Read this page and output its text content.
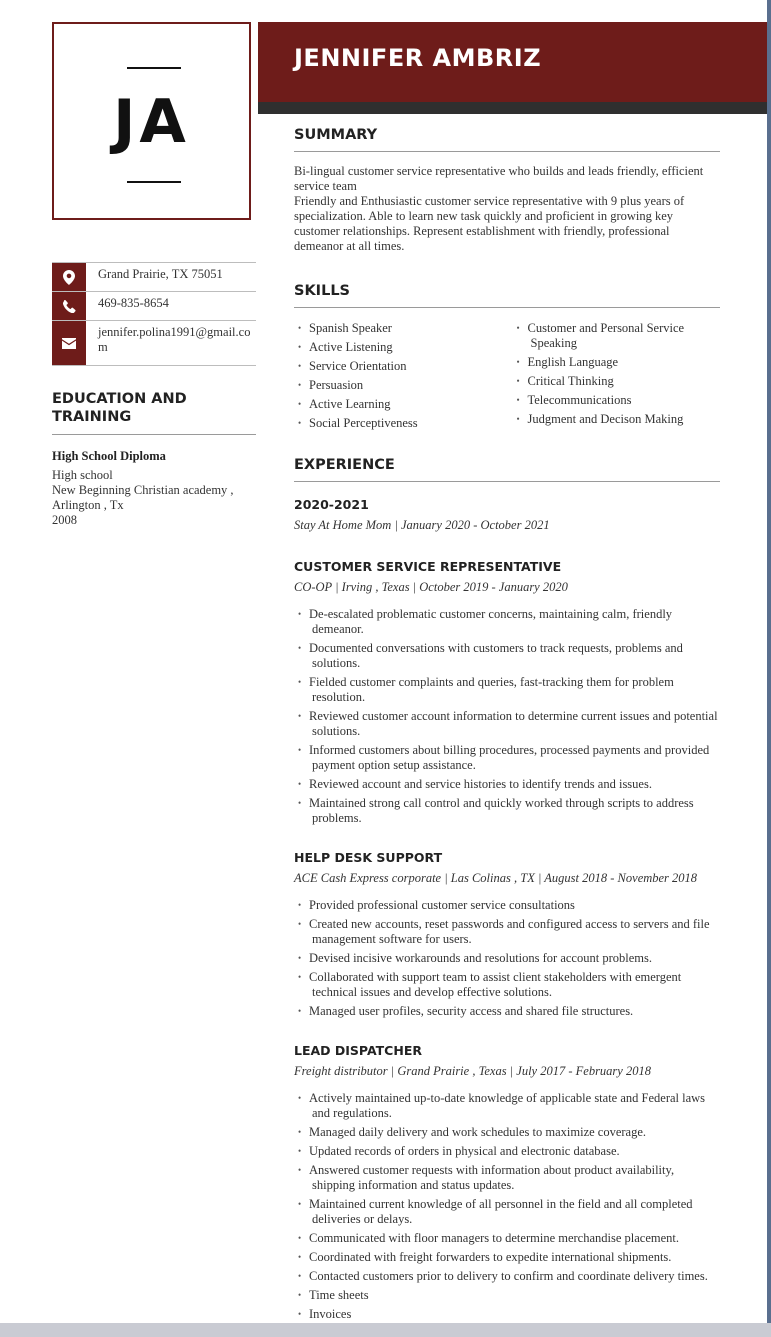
JA
JENNIFER AMBRIZ
Grand Prairie, TX 75051
469-835-8654
jennifer.polina1991@gmail.co
m
EDUCATION AND
TRAINING
High School Diploma
High school
New Beginning Christian academy ,
Arlington , Tx
2008
SUMMARY

Bi-lingual customer service representative who builds and leads friendly, efficient

service team

Friendly and Enthusiastic customer service representative with 9 plus years of

specialization. Able to learn new task quickly and proficient in growing key

customer relationships. Represent establishment with friendly, professional

demeanor at all times.

SKILLS
• Spanish Speaker
• Active Listening
• Service Orientation
• Persuasion
• Active Learning
• Social Perceptiveness
• Customer and Personal Service
Speaking
• English Language
• Critical Thinking
• Telecommunications
• Judgment and Decison Making
EXPERIENCE
2020-2021
Stay At Home Mom | January 2020 - October 2021
CUSTOMER SERVICE REPRESENTATIVE
CO-OP | Irving , Texas | October 2019 - January 2020
• De-escalated problematic customer concerns, maintaining calm, friendly
demeanor.
• Documented conversations with customers to track requests, problems and
solutions.
• Fielded customer complaints and queries, fast-tracking them for problem
resolution.
• Reviewed customer account information to determine current issues and potential
solutions.
• Informed customers about billing procedures, processed payments and provided
payment option setup assistance.
• Reviewed account and service histories to identify trends and issues.
• Maintained strong call control and quickly worked through scripts to address
problems.
HELP DESK SUPPORT
ACE Cash Express corporate | Las Colinas , TX | August 2018 - November 2018
• Provided professional customer service consultations
• Created new accounts, reset passwords and configured access to servers and file
management software for users.
• Devised incisive workarounds and resolutions for account problems.
• Collaborated with support team to assist client stakeholders with emergent
technical issues and develop effective solutions.
• Managed user profiles, security access and shared file structures.
LEAD DISPATCHER
Freight distributor | Grand Prairie , Texas | July 2017 - February 2018
• Actively maintained up-to-date knowledge of applicable state and Federal laws
and regulations.
• Managed daily delivery and work schedules to maximize coverage.
• Updated records of orders in physical and electronic database.
• Answered customer requests with information about product availability,
shipping information and status updates.
• Maintained current knowledge of all personnel in the field and all completed
deliveries or delays.
• Communicated with floor managers to determine merchandise placement.
• Coordinated with freight forwarders to expedite international shipments.
• Contacted customers prior to delivery to confirm and coordinate delivery times.
• Time sheets
• Invoices
